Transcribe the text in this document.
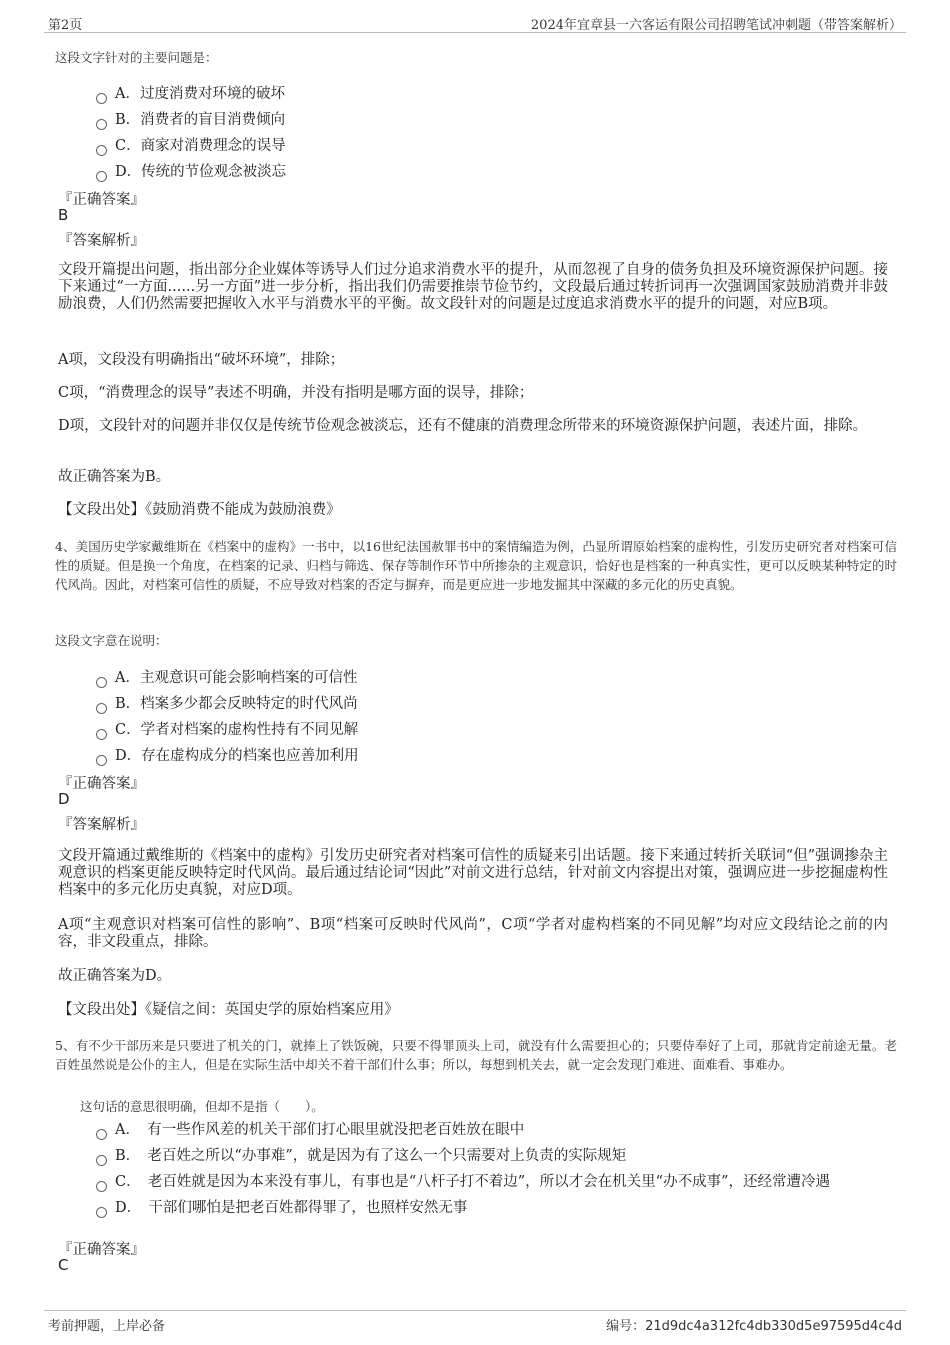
第2页	2024年宜章县一六客运有限公司招聘笔试冲刺题（带答案解析）
这段文字针对的主要问题是：
A．过度消费对环境的破坏
B．消费者的盲目消费倾向
C．商家对消费理念的误导
D．传统的节俭观念被淡忘
『正确答案』
B
『答案解析』
文段开篇提出问题，指出部分企业媒体等诱导人们过分追求消费水平的提升，从而忽视了自身的债务负担及环境资源保护问题。接下来通过“一方面......另一方面”进一步分析，指出我们仍需要推崇节俭节约，文段最后通过转折词再一次强调国家鼓励消费并非鼓励浪费，人们仍然需要把握收入水平与消费水平的平衡。故文段针对的问题是过度追求消费水平的提升的问题，对应B项。
A项，文段没有明确指出“破坏环境”，排除；
C项，“消费理念的误导”表述不明确，并没有指明是哪方面的误导，排除；
D项，文段针对的问题并非仅仅是传统节俭观念被淡忘，还有不健康的消费理念所带来的环境资源保护问题，表述片面，排除。
故正确答案为B。
【文段出处】《鼓励消费不能成为鼓励浪费》
4、美国历史学家戴维斯在《档案中的虚构》一书中，以16世纪法国赦罪书中的案情编造为例，凸显所谓原始档案的虚构性，引发历史研究者对档案可信性的质疑。但是换一个角度，在档案的记录、归档与筛选、保存等制作环节中所掺杂的主观意识，恰好也是档案的一种真实性，更可以反映某种特定的时代风尚。因此，对档案可信性的质疑，不应导致对档案的否定与摒弃，而是更应进一步地发掘其中深藏的多元化的历史真貌。
这段文字意在说明：
A．主观意识可能会影响档案的可信性
B．档案多少都会反映特定的时代风尚
C．学者对档案的虚构性持有不同见解
D．存在虚构成分的档案也应善加利用
『正确答案』
D
『答案解析』
文段开篇通过戴维斯的《档案中的虚构》引发历史研究者对档案可信性的质疑来引出话题。接下来通过转折关联词“但”强调掺杂主观意识的档案更能反映特定时代风尚。最后通过结论词“因此”对前文进行总结，针对前文内容提出对策，强调应进一步挖掘虚构性档案中的多元化历史真貌，对应D项。
A项“主观意识对档案可信性的影响”、B项“档案可反映时代风尚”，C项“学者对虚构档案的不同见解”均对应文段结论之前的内容，非文段重点，排除。
故正确答案为D。
【文段出处】《疑信之间：英国史学的原始档案应用》
5、有不少干部历来是只要进了机关的门，就捧上了铁饭碗，只要不得罪顶头上司，就没有什么需要担心的；只要侍奉好了上司，那就肯定前途无量。老百姓虽然说是公仆的主人，但是在实际生活中却关不着干部们什么事；所以，每想到机关去，就一定会发现门难进、面难看、事难办。
这句话的意思很明确，但却不是指（　　）。
A．　有一些作风差的机关干部们打心眼里就没把老百姓放在眼中
B．　老百姓之所以“办事难”，就是因为有了这么一个只需要对上负责的实际规矩
C．　老百姓就是因为本来没有事儿，有事也是“八杆子打不着边”，所以才会在机关里“办不成事”，还经常遭冷遇
D．　干部们哪怕是把老百姓都得罪了，也照样安然无事
『正确答案』
C
考前押题，上岸必备	编号：21d9dc4a312fc4db330d5e97595d4c4d
